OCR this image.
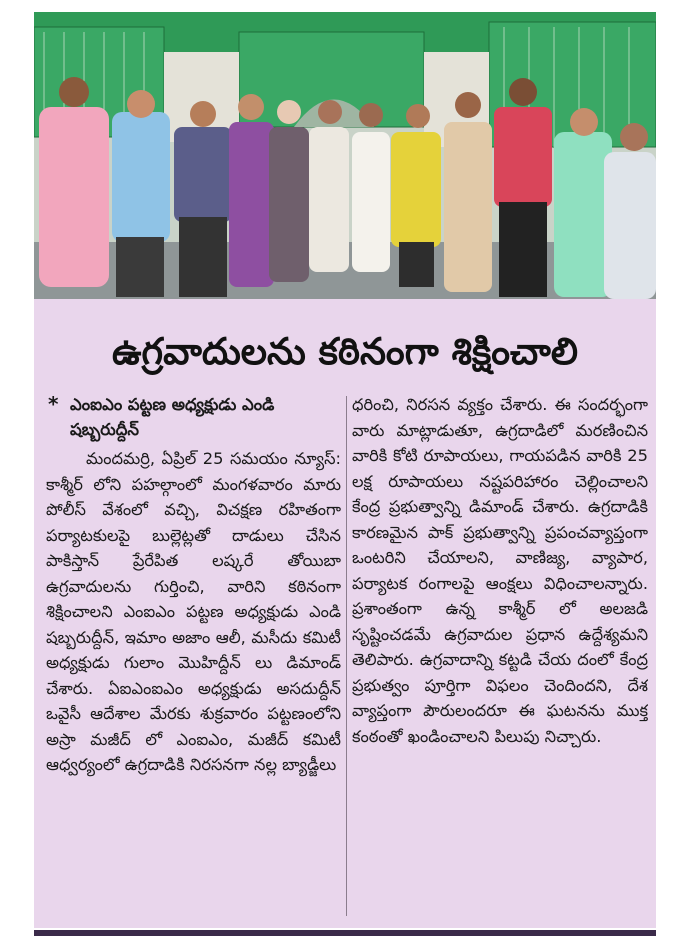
ఉగ్రవాదులను కఠినంగా శిక్షించాలి
* ఎంఐఎం పట్టణ అధ్యక్షుడు ఎండి షబ్బరుద్దీన్

మందమర్రి, ఏప్రిల్ 25 సమయం న్యూస్: కాశ్మీర్ లోని పహల్గాంలో మంగళవారం మారు పోలీస్ వేశంలో వచ్చి, విచక్షణ రహితంగా పర్యాటకులపై బుల్లెట్లతో దాడులు చేసిన పాకిస్తాన్ ప్రేరేపిత లష్కరే తోయిబా ఉగ్రవాదులను గుర్తించి, వారిని కఠినంగా శిక్షించాలని ఎంఐఎం పట్టణ అధ్యక్షుడు ఎండి షబ్బరుద్దీన్, ఇమాం అజాం ఆలీ, మసీదు కమిటీ అధ్యక్షుడు గులాం మొహిద్దీన్ లు డిమాండ్ చేశారు. ఏఐఎంఐఎం అధ్యక్షుడు అసదుద్దీన్ ఒవైసీ ఆదేశాల మేరకు శుక్రవారం పట్టణంలోని అస్రా మజీద్ లో ఎంఐఎం, మజీద్ కమిటీ ఆధ్వర్యంలో ఉగ్రదాడికి నిరసనగా నల్ల బ్యాడ్జీలు

ధరించి, నిరసన వ్యక్తం చేశారు. ఈ సందర్భంగా వారు మాట్లాడుతూ, ఉగ్రదాడిలో మరణించిన వారికి కోటి రూపాయలు, గాయపడిన వారికి 25 లక్ష రూపాయలు నష్టపరిహారం చెల్లించాలని కేంద్ర ప్రభుత్వాన్ని డిమాండ్ చేశారు. ఉగ్రదాడికి కారణమైన పాక్ ప్రభుత్వాన్ని ప్రపంచవ్యాప్తంగా ఒంటరిని చేయాలని, వాణిజ్య, వ్యాపార, పర్యాటక రంగాలపై ఆంక్షలు విధించాలన్నారు. ప్రశాంతంగా ఉన్న కాశ్మీర్ లో అలజడి సృష్టించడమే ఉగ్రవాదుల ప్రధాన ఉద్దేశ్యమని తెలిపారు. ఉగ్రవాదాన్ని కట్టడి చేయ దంలో కేంద్ర ప్రభుత్వం పూర్తిగా విఫలం చెందిందని, దేశ వ్యాప్తంగా పౌరులందరూ ఈ ఘటనను ముక్త కంఠంతో ఖండించాలని పిలుపు నిచ్చారు.
